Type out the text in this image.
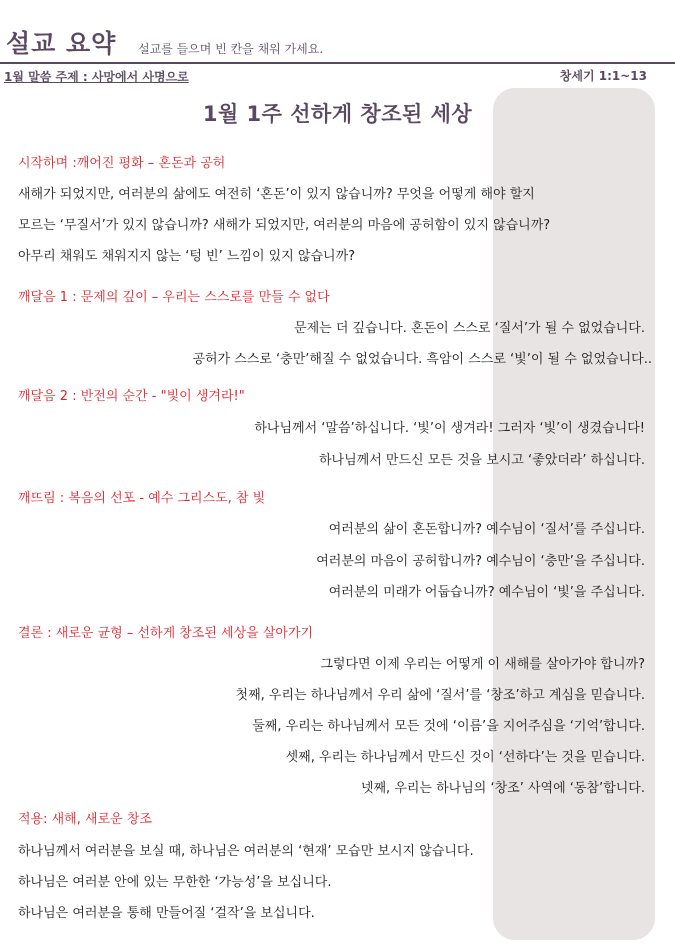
설교 요약 설교를 들으며 빈 칸을 채워 가세요.
1월 말씀 주제 : 사망에서 사명으로	창세기 1:1~13
1월 1주 선하게 창조된 세상
시작하며 :깨어진 평화 – 혼돈과 공허
새해가 되었지만, 여러분의 삶에도 여전히 ‘혼돈’이 있지 않습니까? 무엇을 어떻게 해야 할지
모르는 ‘무질서’가 있지 않습니까? 새해가 되었지만, 여러분의 마음에 공허함이 있지 않습니까?
아무리 채워도 채워지지 않는 ‘텅 빈’ 느낌이 있지 않습니까?
깨달음 1 : 문제의 깊이 – 우리는 스스로를 만들 수 없다
문제는 더 깊습니다. 혼돈이 스스로 ‘질서’가 될 수 없었습니다.
공허가 스스로 ‘충만’해질 수 없었습니다. 흑암이 스스로 ‘빛’이 될 수 없었습니다..
깨달음 2 : 반전의 순간 - "빛이 생겨라!"
하나님께서 ‘말씀’하십니다. ‘빛’이 생겨라! 그러자 ‘빛’이 생겼습니다!
하나님께서 만드신 모든 것을 보시고 ‘좋았더라’ 하십니다.
깨뜨림 : 복음의 선포 - 예수 그리스도, 참 빛
여러분의 삶이 혼돈합니까? 예수님이 ‘질서’를 주십니다.
여러분의 마음이 공허합니까? 예수님이 ‘충만’을 주십니다.
여러분의 미래가 어둡습니까? 예수님이 ‘빛’을 주십니다.
결론 : 새로운 균형 – 선하게 창조된 세상을 살아가기
그렇다면 이제 우리는 어떻게 이 새해를 살아가야 합니까?
첫째, 우리는 하나님께서 우리 삶에 ‘질서’를 ‘창조’하고 계심을 믿습니다.
둘째, 우리는 하나님께서 모든 것에 ‘이름’을 지어주심을 ‘기억’합니다.
셋째, 우리는 하나님께서 만드신 것이 ‘선하다’는 것을 믿습니다.
넷째, 우리는 하나님의 ‘창조’ 사역에 ‘동참’합니다.
적용: 새해, 새로운 창조
하나님께서 여러분을 보실 때, 하나님은 여러분의 ‘현재’ 모습만 보시지 않습니다.
하나님은 여러분 안에 있는 무한한 ‘가능성’을 보십니다.
하나님은 여러분을 통해 만들어질 ‘걸작’을 보십니다.
